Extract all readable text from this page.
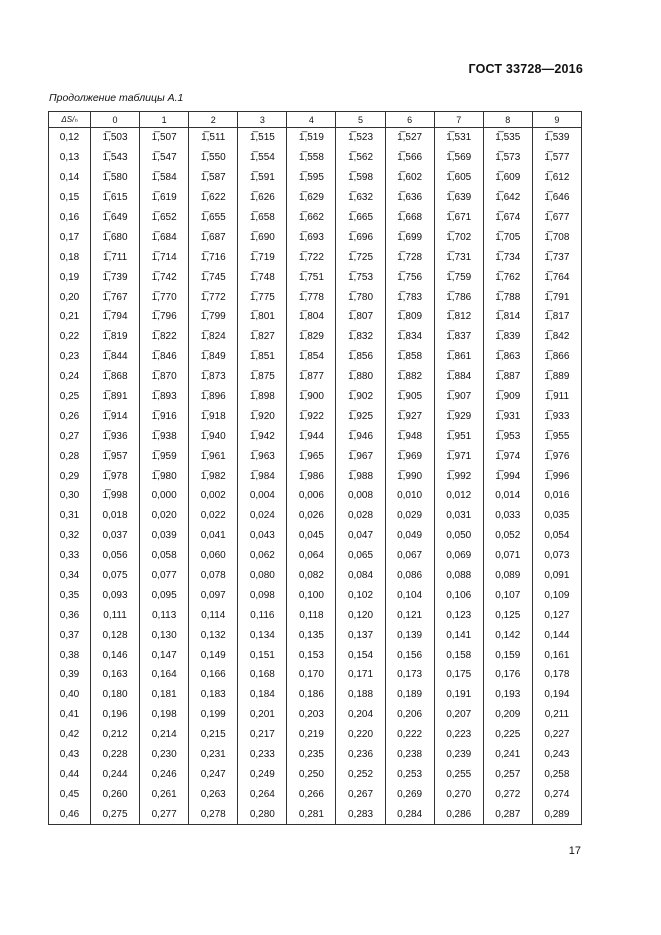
ГОСТ 33728—2016
Продолжение таблицы А.1
ΔS/ₕ	0	1	2	3	4	5	6	7	8	9
0,12	1̅,503	1̅,507	1̅,511	1̅,515	1̅,519	1̅,523	1̅,527	1̅,531	1̅,535	1̅,539
0,13	1̅,543	1̅,547	1̅,550	1̅,554	1̅,558	1̅,562	1̅,566	1̅,569	1̅,573	1̅,577
0,14	1̅,580	1̅,584	1̅,587	1̅,591	1̅,595	1̅,598	1̅,602	1̅,605	1̅,609	1̅,612
0,15	1̅,615	1̅,619	1̅,622	1̅,626	1̅,629	1̅,632	1̅,636	1̅,639	1̅,642	1̅,646
0,16	1̅,649	1̅,652	1̅,655	1̅,658	1̅,662	1̅,665	1̅,668	1̅,671	1̅,674	1̅,677
0,17	1̅,680	1̅,684	1̅,687	1̅,690	1̅,693	1̅,696	1̅,699	1̅,702	1̅,705	1̅,708
0,18	1̅,711	1̅,714	1̅,716	1̅,719	1̅,722	1̅,725	1̅,728	1̅,731	1̅,734	1̅,737
0,19	1̅,739	1̅,742	1̅,745	1̅,748	1̅,751	1̅,753	1̅,756	1̅,759	1̅,762	1̅,764
0,20	1̅,767	1̅,770	1̅,772	1̅,775	1̅,778	1̅,780	1̅,783	1̅,786	1̅,788	1̅,791
0,21	1̅,794	1̅,796	1̅,799	1̅,801	1̅,804	1̅,807	1̅,809	1̅,812	1̅,814	1̅,817
0,22	1̅,819	1̅,822	1̅,824	1̅,827	1̅,829	1̅,832	1̅,834	1̅,837	1̅,839	1̅,842
0,23	1̅,844	1̅,846	1̅,849	1̅,851	1̅,854	1̅,856	1̅,858	1̅,861	1̅,863	1̅,866
0,24	1̅,868	1̅,870	1̅,873	1̅,875	1̅,877	1̅,880	1̅,882	1̅,884	1̅,887	1̅,889
0,25	1̅,891	1̅,893	1̅,896	1̅,898	1̅,900	1̅,902	1̅,905	1̅,907	1̅,909	1̅,911
0,26	1̅,914	1̅,916	1̅,918	1̅,920	1̅,922	1̅,925	1̅,927	1̅,929	1̅,931	1̅,933
0,27	1̅,936	1̅,938	1̅,940	1̅,942	1̅,944	1̅,946	1̅,948	1̅,951	1̅,953	1̅,955
0,28	1̅,957	1̅,959	1̅,961	1̅,963	1̅,965	1̅,967	1̅,969	1̅,971	1̅,974	1̅,976
0,29	1̅,978	1̅,980	1̅,982	1̅,984	1̅,986	1̅,988	1̅,990	1̅,992	1̅,994	1̅,996
0,30	1̅,998	0,000	0,002	0,004	0,006	0,008	0,010	0,012	0,014	0,016
0,31	0,018	0,020	0,022	0,024	0,026	0,028	0,029	0,031	0,033	0,035
0,32	0,037	0,039	0,041	0,043	0,045	0,047	0,049	0,050	0,052	0,054
0,33	0,056	0,058	0,060	0,062	0,064	0,065	0,067	0,069	0,071	0,073
0,34	0,075	0,077	0,078	0,080	0,082	0,084	0,086	0,088	0,089	0,091
0,35	0,093	0,095	0,097	0,098	0,100	0,102	0,104	0,106	0,107	0,109
0,36	0,111	0,113	0,114	0,116	0,118	0,120	0,121	0,123	0,125	0,127
0,37	0,128	0,130	0,132	0,134	0,135	0,137	0,139	0,141	0,142	0,144
0,38	0,146	0,147	0,149	0,151	0,153	0,154	0,156	0,158	0,159	0,161
0,39	0,163	0,164	0,166	0,168	0,170	0,171	0,173	0,175	0,176	0,178
0,40	0,180	0,181	0,183	0,184	0,186	0,188	0,189	0,191	0,193	0,194
0,41	0,196	0,198	0,199	0,201	0,203	0,204	0,206	0,207	0,209	0,211
0,42	0,212	0,214	0,215	0,217	0,219	0,220	0,222	0,223	0,225	0,227
0,43	0,228	0,230	0,231	0,233	0,235	0,236	0,238	0,239	0,241	0,243
0,44	0,244	0,246	0,247	0,249	0,250	0,252	0,253	0,255	0,257	0,258
0,45	0,260	0,261	0,263	0,264	0,266	0,267	0,269	0,270	0,272	0,274
0,46	0,275	0,277	0,278	0,280	0,281	0,283	0,284	0,286	0,287	0,289
17
